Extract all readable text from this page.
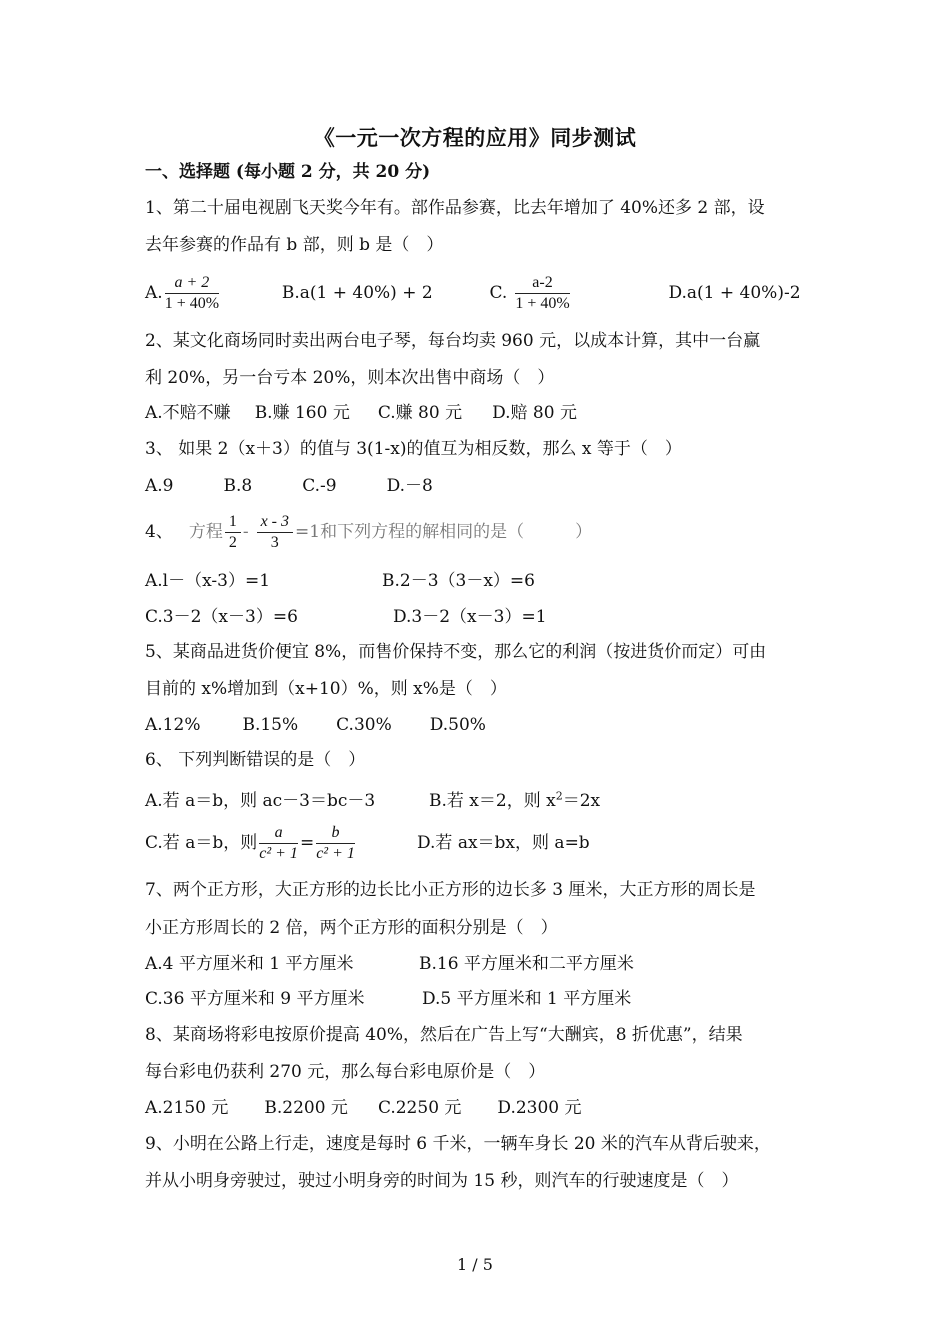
《一元一次方程的应用》同步测试
一、选择题 (每小题 2 分，共 20 分)
1、第二十届电视剧飞天奖今年有。部作品参赛，比去年增加了 40%还多 2 部，设
去年参赛的作品有 b 部，则 b 是（　）
A. $\frac{a + 2}{1 + 40\%}$	B.a(1 + 40%) + 2	C. $\frac{a-2}{1 + 40\%}$	D.a(1 + 40%)-2
2、某文化商场同时卖出两台电子琴，每台均卖 960 元，以成本计算，其中一台赢
利 20%，另一台亏本 20%，则本次出售中商场（　）
A.不赔不赚 B.赚 160 元 C.赚 80 元 D.赔 80 元
3、 如果 2（x＋3）的值与 3(1-x)的值互为相反数，那么 x 等于（　）
A.9	B.8	C.-9	D.－8
4、 方程 $\frac{1}{2} - \frac{x - 3}{3} =1$和下列方程的解相同的是（　　　）
A.l－（x-3）=1	B.2－3（3－x）=6
C.3－2（x－3）=6	D.3－2（x－3）=1
5、某商品进货价便宜 8%，而售价保持不变，那么它的利润（按进货价而定）可由
目前的 x%增加到（x+10）%，则 x%是（　）
A.12% B.15% C.30% D.50%
6、 下列判断错误的是（　）
A.若 a＝b，则 ac－3＝bc－3	B.若 x＝2，则 $x^2=2x$
C.若 a＝b，则 $\frac{a}{\text{c² + 1}} = \frac{b}{\text{c² + 1}}$	D.若 ax＝bx，则 a=b
7、两个正方形，大正方形的边长比小正方形的边长多 3 厘米，大正方形的周长是
小正方形周长的 2 倍，两个正方形的面积分别是（　）
A.4 平方厘米和 1 平方厘米	B.16 平方厘米和二平方厘米
C.36 平方厘米和 9 平方厘米	D.5 平方厘米和 1 平方厘米
8、某商场将彩电按原价提高 40%，然后在广告上写“大酬宾，8 折优惠”，结果
每台彩电仍获利 270 元，那么每台彩电原价是（　）
A.2150 元 B.2200 元 C.2250 元 D.2300 元
9、小明在公路上行走，速度是每时 6 千米，一辆车身长 20 米的汽车从背后驶来，
并从小明身旁驶过，驶过小明身旁的时间为 15 秒，则汽车的行驶速度是（　）
1 / 5
